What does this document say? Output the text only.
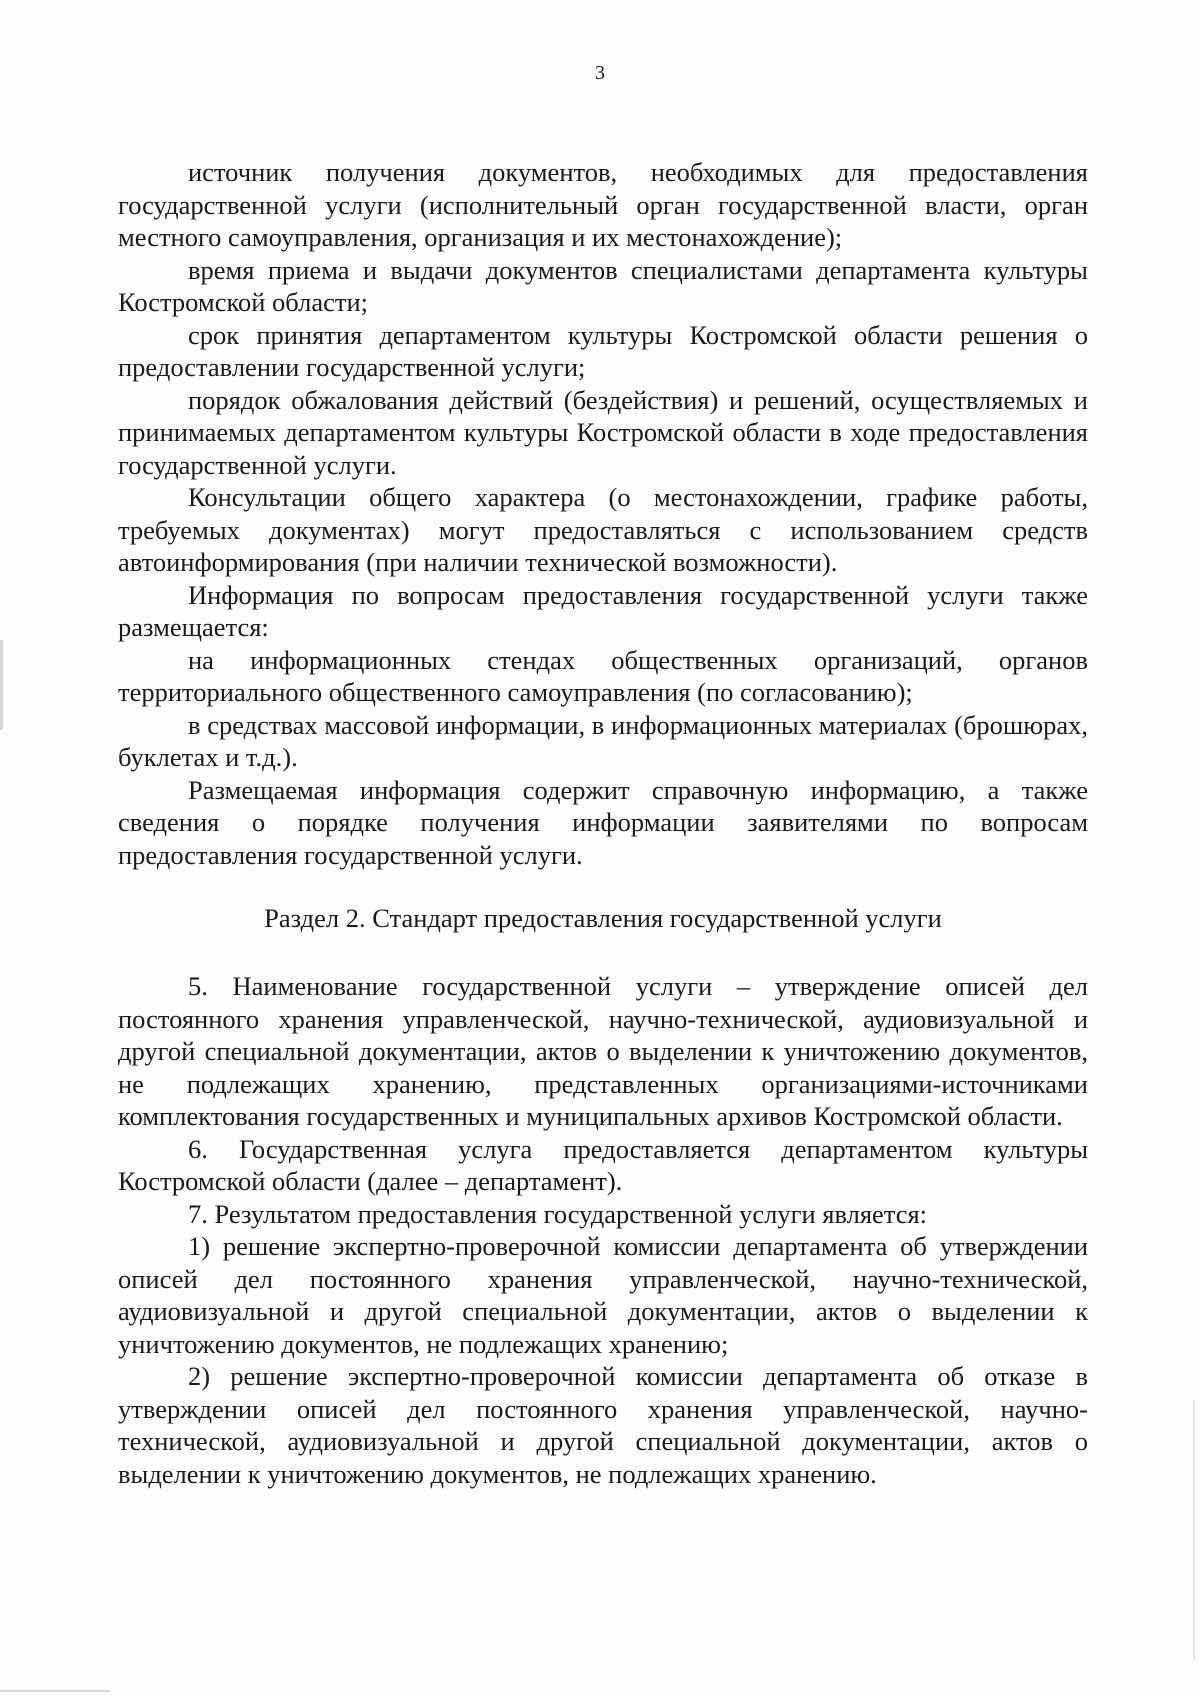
3

источник получения документов, необходимых для предоставления государственной услуги (исполнительный орган государственной власти, орган местного самоуправления, организация и их местонахождение);

время приема и выдачи документов специалистами департамента культуры Костромской области;

срок принятия департаментом культуры Костромской области решения о предоставлении государственной услуги;

порядок обжалования действий (бездействия) и решений, осуществляемых и принимаемых департаментом культуры Костромской области в ходе предоставления государственной услуги.

Консультации общего характера (о местонахождении, графике работы, требуемых документах) могут предоставляться с использованием средств автоинформирования (при наличии технической возможности).

Информация по вопросам предоставления государственной услуги также размещается:

на информационных стендах общественных организаций, органов территориального общественного самоуправления (по согласованию);

в средствах массовой информации, в информационных материалах (брошюрах, буклетах и т.д.).

Размещаемая информация содержит справочную информацию, а также сведения о порядке получения информации заявителями по вопросам предоставления государственной услуги.

Раздел 2. Стандарт предоставления государственной услуги

5. Наименование государственной услуги – утверждение описей дел постоянного хранения управленческой, научно-технической, аудиовизуальной и другой специальной документации, актов о выделении к уничтожению документов, не подлежащих хранению, представленных организациями-источниками комплектования государственных и муниципальных архивов Костромской области.

6. Государственная услуга предоставляется департаментом культуры Костромской области (далее – департамент).

7. Результатом предоставления государственной услуги является:

1) решение экспертно-проверочной комиссии департамента об утверждении описей дел постоянного хранения управленческой, научно-технической, аудиовизуальной и другой специальной документации, актов о выделении к уничтожению документов, не подлежащих хранению;

2) решение экспертно-проверочной комиссии департамента об отказе в утверждении описей дел постоянного хранения управленческой, научно-технической, аудиовизуальной и другой специальной документации, актов о выделении к уничтожению документов, не подлежащих хранению.
